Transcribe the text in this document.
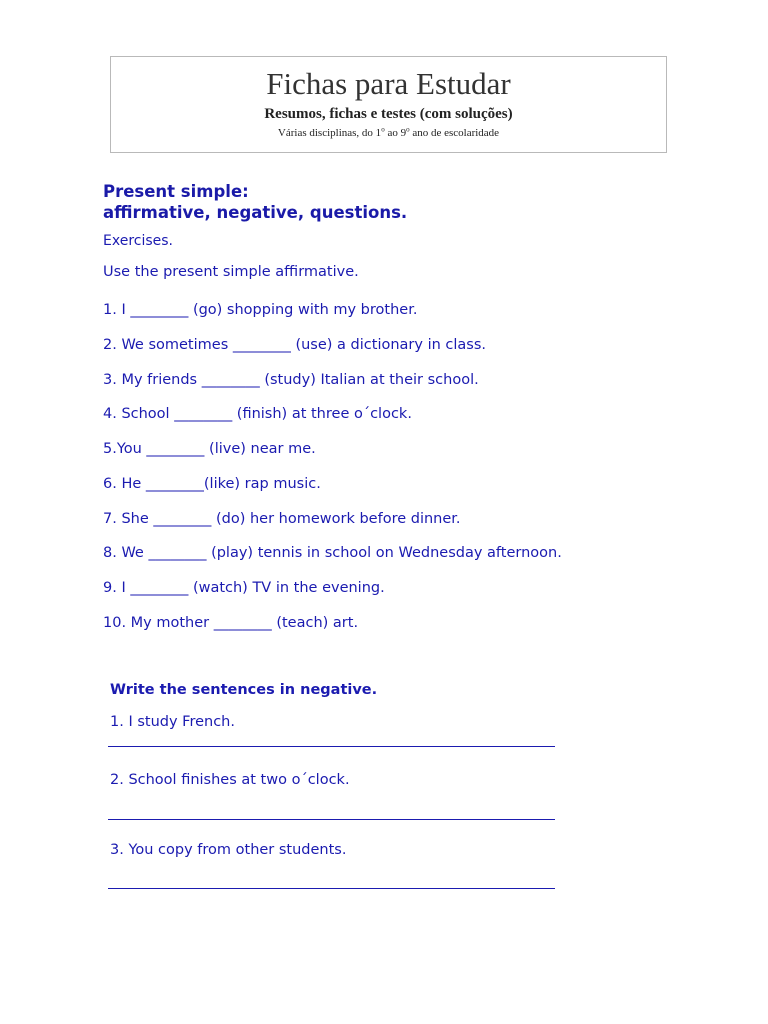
Fichas para Estudar
Resumos, fichas e testes (com soluções)
Várias disciplinas, do 1$^o$ ao 9$^o$ ano de escolaridade
Present simple:
affirmative, negative, questions.
Exercises.
Use the present simple affirmative.
1. I ________ (go) shopping with my brother.
2. We sometimes ________ (use) a dictionary in class.
3. My friends ________ (study) Italian at their school.
4. School ________ (finish) at three o´clock.
5.You ________ (live) near me.
6. He ________(like) rap music.
7. She ________ (do) her homework before dinner.
8. We ________ (play) tennis in school on Wednesday afternoon.
9. I ________ (watch) TV in the evening.
10. My mother ________ (teach) art.
Write the sentences in negative.
1. I study French.
2. School finishes at two o´clock.
3. You copy from other students.
